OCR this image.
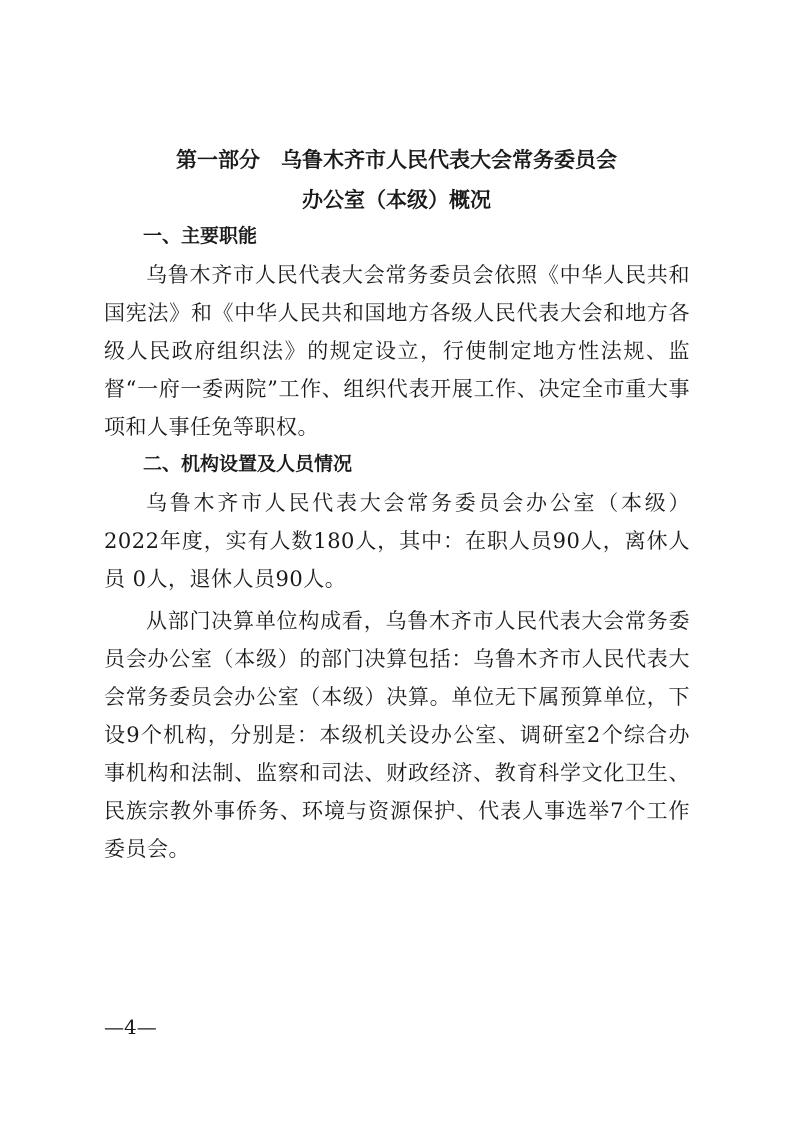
第一部分　乌鲁木齐市人民代表大会常务委员会
办公室（本级）概况
一、主要职能
乌鲁木齐市人民代表大会常务委员会依照《中华人民共和国宪法》和《中华人民共和国地方各级人民代表大会和地方各级人民政府组织法》的规定设立，行使制定地方性法规、监督“一府一委两院”工作、组织代表开展工作、决定全市重大事项和人事任免等职权。
二、机构设置及人员情况
乌鲁木齐市人民代表大会常务委员会办公室（本级）2022年度，实有人数180人，其中：在职人员90人，离休人员 0人，退休人员90人。
从部门决算单位构成看，乌鲁木齐市人民代表大会常务委员会办公室（本级）的部门决算包括：乌鲁木齐市人民代表大会常务委员会办公室（本级）决算。单位无下属预算单位，下设9个机构，分别是：本级机关设办公室、调研室2个综合办事机构和法制、监察和司法、财政经济、教育科学文化卫生、民族宗教外事侨务、环境与资源保护、代表人事选举7个工作委员会。
—4—
